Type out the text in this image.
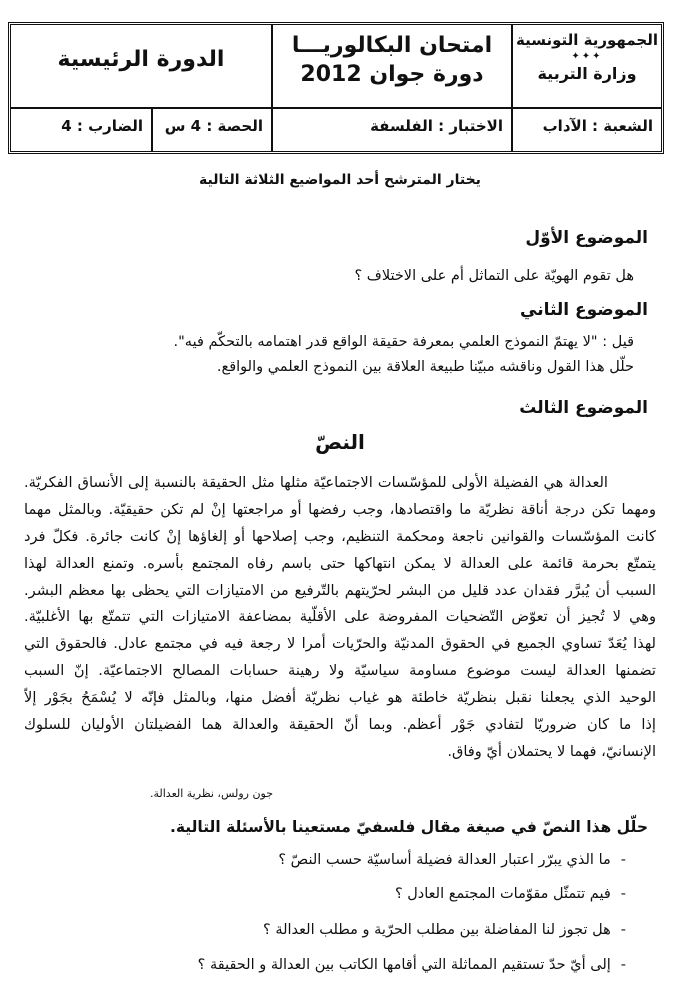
الجمهورية التونسية
✦✦✦
وزارة التربية
امتحان البكالوريـــا
دورة جوان 2012
الدورة الرئيسية
الشعبة : الآداب
الاختبار : الفلسفة
الحصة : 4 س
الضارب : 4
يختار المترشح أحد المواضيع الثلاثة التالية
الموضوع الأوّل
هل تقوم الهويّة على التماثل أم على الاختلاف ؟
الموضوع الثاني
قيل : "لا يهتمّ النموذج العلمي بمعرفة حقيقة الواقع قدر اهتمامه بالتحكّم فيه".
حلّل هذا القول وناقشه مبيّنا طبيعة العلاقة بين النموذج العلمي والواقع.
الموضوع الثالث
النصّ
العدالة هي الفضيلة الأولى للمؤسّسات الاجتماعيّة مثلها مثل الحقيقة بالنسبة إلى الأنساق الفكريّة.
ومهما تكن درجة أناقة نظريّة ما واقتصادها، وجب رفضها أو مراجعتها إنْ لم تكن حقيقيّة. وبالمثل مهما
كانت المؤسّسات والقوانين ناجعة ومحكمة التنظيم، وجب إصلاحها أو إلغاؤها إنْ كانت جائرة. فكلّ فرد
يتمتّع بحرمة قائمة على العدالة لا يمكن انتهاكها حتى باسم رفاه المجتمع بأسره. وتمنع العدالة لهذا
السبب أن يُبرَّر فقدان عدد قليل من البشر لحرّيتهم بالتّرفيع من الامتيازات التي يحظى بها معظم البشر.
وهي لا تُجيز أن تعوّض التّضحيات المفروضة على الأقلّية بمضاعفة الامتيازات التي تتمتّع بها الأغلبيّة.
لهذا يُعَدّ تساوي الجميع في الحقوق المدنيّة والحرّيات أمرا لا رجعة فيه في مجتمع عادل. فالحقوق التي
تضمنها العدالة ليست موضوع مساومة سياسيّة ولا رهينة حسابات المصالح الاجتماعيّة. إنّ السبب
الوحيد الذي يجعلنا نقبل بنظريّة خاطئة هو غياب نظريّة أفضل منها، وبالمثل فإنّه لا يُسْمَحُ بجَوْر إلاّ
إذا ما كان ضروريّا لتفادي جَوْر أعظم. وبما أنّ الحقيقة والعدالة هما الفضيلتان الأوليان للسلوك
الإنسانيّ، فهما لا يحتملان أيّ وفاق.
جون رولس، نظرية العدالة.
حلّل هذا النصّ في صيغة مقال فلسفيّ مستعينا بالأسئلة التالية.
-ما الذي يبرّر اعتبار العدالة فضيلة أساسيّة حسب النصّ ؟
-فيم تتمثّل مقوّمات المجتمع العادل ؟
-هل تجوز لنا المفاضلة بين مطلب الحرّية و مطلب العدالة ؟
-إلى أيّ حدّ تستقيم المماثلة التي أقامها الكاتب بين العدالة و الحقيقة ؟
